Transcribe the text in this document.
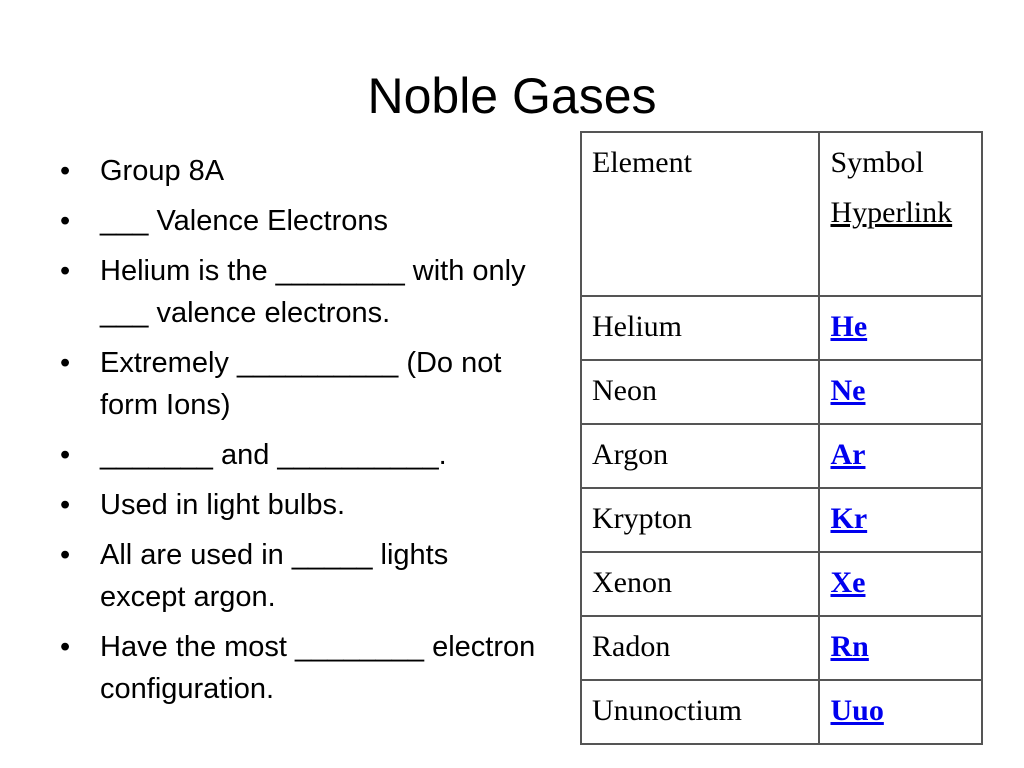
Noble Gases
•	Group 8A
•	___ Valence Electrons
•	Helium is the ________ with only ___ valence electrons.
•	Extremely __________ (Do not form Ions)
•	_______ and __________.
•	Used in light bulbs.
•	All are used in _____ lights except argon.
•	Have the most ________ electron configuration.
Element	Symbol
Hyperlink

Helium	He
Neon	Ne
Argon	Ar
Krypton	Kr
Xenon	Xe
Radon	Rn
Ununoctium	Uuo
